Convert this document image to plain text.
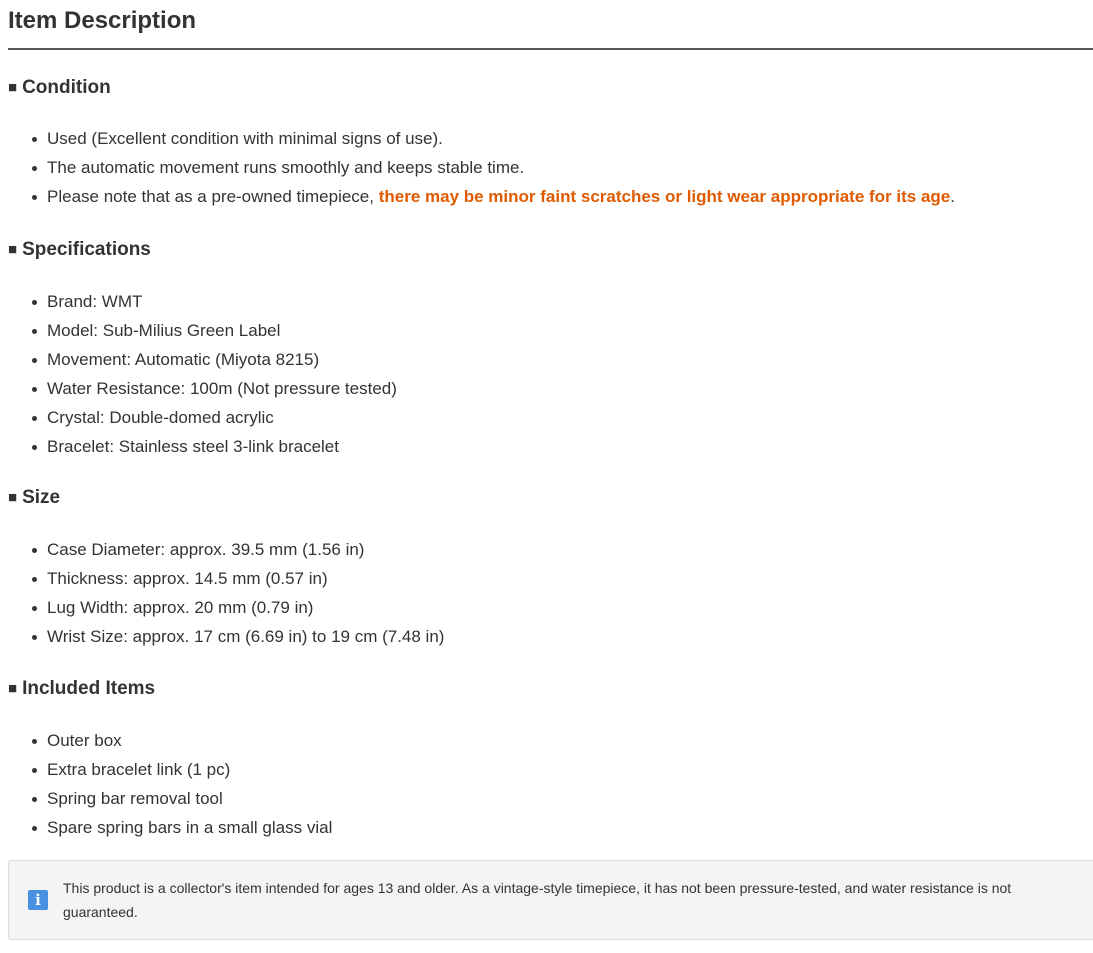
Item Description
■ Condition
Used (Excellent condition with minimal signs of use).
The automatic movement runs smoothly and keeps stable time.
Please note that as a pre-owned timepiece, there may be minor faint scratches or light wear appropriate for its age.
■ Specifications
Brand: WMT
Model: Sub-Milius Green Label
Movement: Automatic (Miyota 8215)
Water Resistance: 100m (Not pressure tested)
Crystal: Double-domed acrylic
Bracelet: Stainless steel 3-link bracelet
■ Size
Case Diameter: approx. 39.5 mm (1.56 in)
Thickness: approx. 14.5 mm (0.57 in)
Lug Width: approx. 20 mm (0.79 in)
Wrist Size: approx. 17 cm (6.69 in) to 19 cm (7.48 in)
■ Included Items
Outer box
Extra bracelet link (1 pc)
Spring bar removal tool
Spare spring bars in a small glass vial
i
This product is a collector's item intended for ages 13 and older. As a vintage-style timepiece, it has not been pressure-tested, and water resistance is not guaranteed.
